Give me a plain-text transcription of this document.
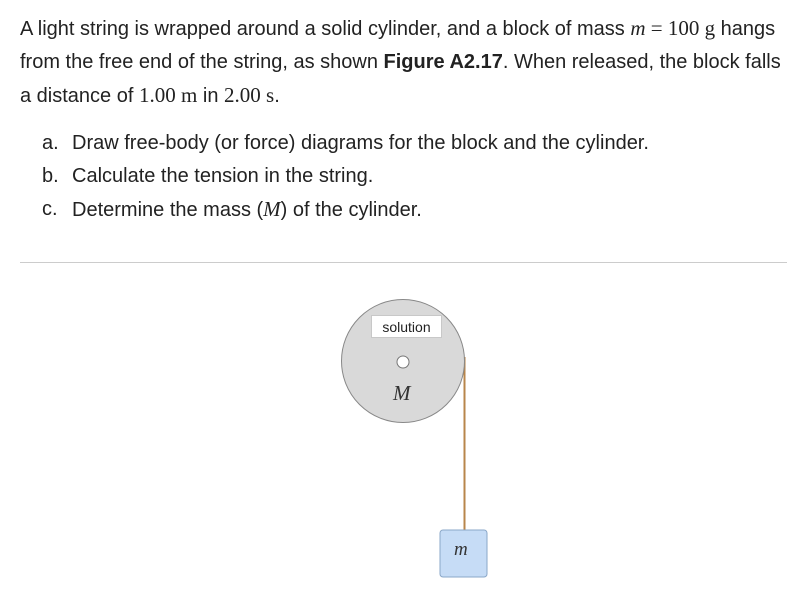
A light string is wrapped around a solid cylinder, and a block of mass m = 100 g hangs from the free end of the string, as shown Figure A2.17. When released, the block falls a distance of 1.00 m in 2.00 s.

a. Draw free-body (or force) diagrams for the block and the cylinder.
b. Calculate the tension in the string.
c. Determine the mass (M) of the cylinder.
solution
M
m
